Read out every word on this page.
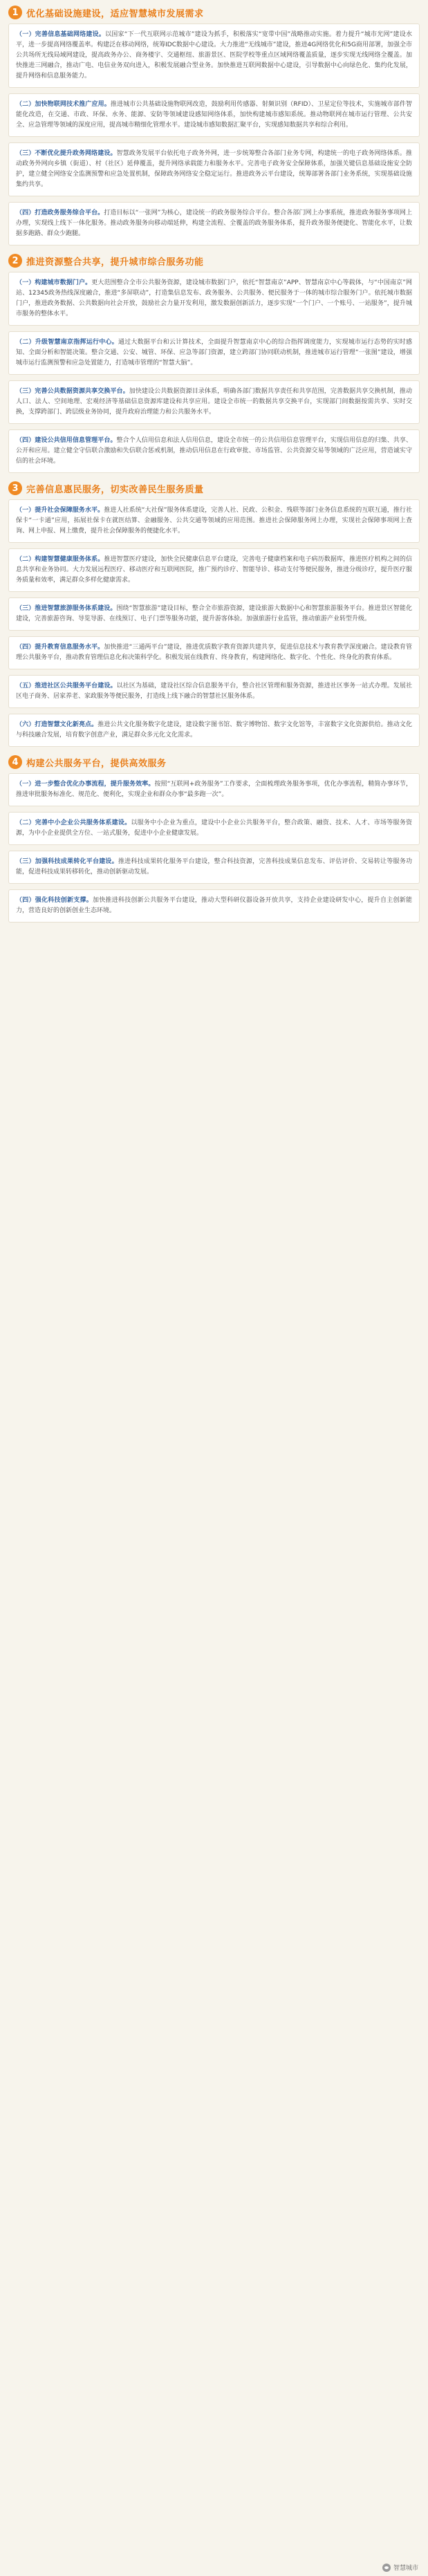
1 优化基础设施建设，适应智慧城市发展需求
（一）完善信息基础网络建设。以国家“下一代互联网示范城市”建设为抓手，积极落实“宽带中国”战略推动实施。着力提升“城市光网”建设水平，进一步提高网络覆盖率。构建泛在移动网络，统筹IDC数据中心建设。大力推进“无线城市”建设，推进4G网络优化和5G商用部署，加强全市公共场所无线局域网建设，提高政务办公、商务楼宇、交通枢纽、旅游景区、医院学校等重点区域网络覆盖质量，逐步实现无线网络全覆盖。加快推进三网融合，推动广电、电信业务双向进入，积极发展融合型业务。加快推进互联网数据中心建设，引导数据中心向绿色化、集约化发展，提升网络和信息服务能力。
（二）加快物联网技术推广应用。推进城市公共基础设施物联网改造，鼓励利用传感器、射频识别（RFID）、卫星定位等技术，实施城市部件智能化改造，在交通、市政、环保、水务、能源、安防等领域建设感知网络体系，加快构建城市感知系统。推动物联网在城市运行管理、公共安全、应急管理等领域的深度应用，提高城市精细化管理水平。建设城市感知数据汇聚平台，实现感知数据共享和综合利用。
（三）不断优化提升政务网络建设。智慧政务发展平台依托电子政务外网，进一步统筹整合各部门业务专网，构建统一的电子政务网络体系。推动政务外网向乡镇（街道）、村（社区）延伸覆盖，提升网络承载能力和服务水平。完善电子政务安全保障体系，加强关键信息基础设施安全防护，建立健全网络安全监测预警和应急处置机制，保障政务网络安全稳定运行。推进政务云平台建设，统筹部署各部门业务系统，实现基础设施集约共享。
（四）打造政务服务综合平台。打造目标以“一张网”为核心，建设统一的政务服务综合平台。整合各部门网上办事系统，推进政务服务事项网上办理，实现线上线下一体化服务。推动政务服务向移动端延伸，构建全流程、全覆盖的政务服务体系，提升政务服务便捷化、智能化水平，让数据多跑路、群众少跑腿。
2 推进资源整合共享，提升城市综合服务功能
（一）构建城市数据门户。更大范围整合全市公共服务资源，建设城市数据门户，依托“智慧南京”APP、智慧南京中心等载体，与“中国南京”网站、12345政务热线深度融合，推进“多屏联动”，打造集信息发布、政务服务、公共服务、便民服务于一体的城市综合服务门户。依托城市数据门户，推进政务数据、公共数据向社会开放，鼓励社会力量开发利用，激发数据创新活力，逐步实现“一个门户、一个账号、一站服务”，提升城市服务的整体水平。
（二）升级智慧南京指挥运行中心。通过大数据平台和云计算技术，全面提升智慧南京中心的综合指挥调度能力，实现城市运行态势的实时感知、全面分析和智能决策。整合交通、公安、城管、环保、应急等部门资源，建立跨部门协同联动机制，推进城市运行管理“一张图”建设，增强城市运行监测预警和应急处置能力，打造城市管理的“智慧大脑”。
（三）完善公共数据资源共享交换平台。加快建设公共数据资源目录体系，明确各部门数据共享责任和共享范围，完善数据共享交换机制，推动人口、法人、空间地理、宏观经济等基础信息资源库建设和共享应用。建设全市统一的数据共享交换平台，实现部门间数据按需共享、实时交换，支撑跨部门、跨层级业务协同，提升政府治理能力和公共服务水平。
（四）建设公共信用信息管理平台。整合个人信用信息和法人信用信息，建设全市统一的公共信用信息管理平台，实现信用信息的归集、共享、公开和应用。建立健全守信联合激励和失信联合惩戒机制，推动信用信息在行政审批、市场监管、公共资源交易等领域的广泛应用，营造诚实守信的社会环境。
3 完善信息惠民服务，切实改善民生服务质量
（一）提升社会保障服务水平。推进人社系统“大社保”服务体系建设，完善人社、民政、公积金、残联等部门业务信息系统的互联互通，推行社保卡“一卡通”应用，拓展社保卡在就医结算、金融服务、公共交通等领域的应用范围。推进社会保障服务网上办理，实现社会保障事项网上查询、网上申报、网上缴费，提升社会保障服务的便捷化水平。
（二）构建智慧健康服务体系。推进智慧医疗建设，加快全民健康信息平台建设，完善电子健康档案和电子病历数据库，推进医疗机构之间的信息共享和业务协同。大力发展远程医疗、移动医疗和互联网医院，推广预约诊疗、智能导诊、移动支付等便民服务，推进分级诊疗，提升医疗服务质量和效率，满足群众多样化健康需求。
（三）推进智慧旅游服务体系建设。围绕“智慧旅游”建设目标，整合全市旅游资源，建设旅游大数据中心和智慧旅游服务平台。推进景区智能化建设，完善旅游咨询、导览导游、在线预订、电子门票等服务功能，提升游客体验。加强旅游行业监管，推动旅游产业转型升级。
（四）提升教育信息服务水平。加快推进“三通两平台”建设，推进优质数字教育资源共建共享，促进信息技术与教育教学深度融合。建设教育管理公共服务平台，推动教育管理信息化和决策科学化。积极发展在线教育、终身教育，构建网络化、数字化、个性化、终身化的教育体系。
（五）推进社区公共服务平台建设。以社区为基础，建设社区综合信息服务平台，整合社区管理和服务资源，推进社区事务一站式办理。发展社区电子商务、居家养老、家政服务等便民服务，打造线上线下融合的智慧社区服务体系。
（六）打造智慧文化新亮点。推进公共文化服务数字化建设，建设数字图书馆、数字博物馆、数字文化馆等，丰富数字文化资源供给。推动文化与科技融合发展，培育数字创意产业，满足群众多元化文化需求。
4 构建公共服务平台，提供高效服务
（一）进一步整合优化办事流程，提升服务效率。按照“互联网+政务服务”工作要求，全面梳理政务服务事项，优化办事流程，精简办事环节，推进审批服务标准化、规范化、便利化，实现企业和群众办事“最多跑一次”。
（二）完善中小企业公共服务体系建设。以服务中小企业为重点，建设中小企业公共服务平台，整合政策、融资、技术、人才、市场等服务资源，为中小企业提供全方位、一站式服务，促进中小企业健康发展。
（三）加强科技成果转化平台建设。推进科技成果转化服务平台建设，整合科技资源，完善科技成果信息发布、评估评价、交易转让等服务功能，促进科技成果转移转化，推动创新驱动发展。
（四）强化科技创新支撑。加快推进科技创新公共服务平台建设，推动大型科研仪器设备开放共享，支持企业建设研发中心，提升自主创新能力，营造良好的创新创业生态环境。
智慧城市
